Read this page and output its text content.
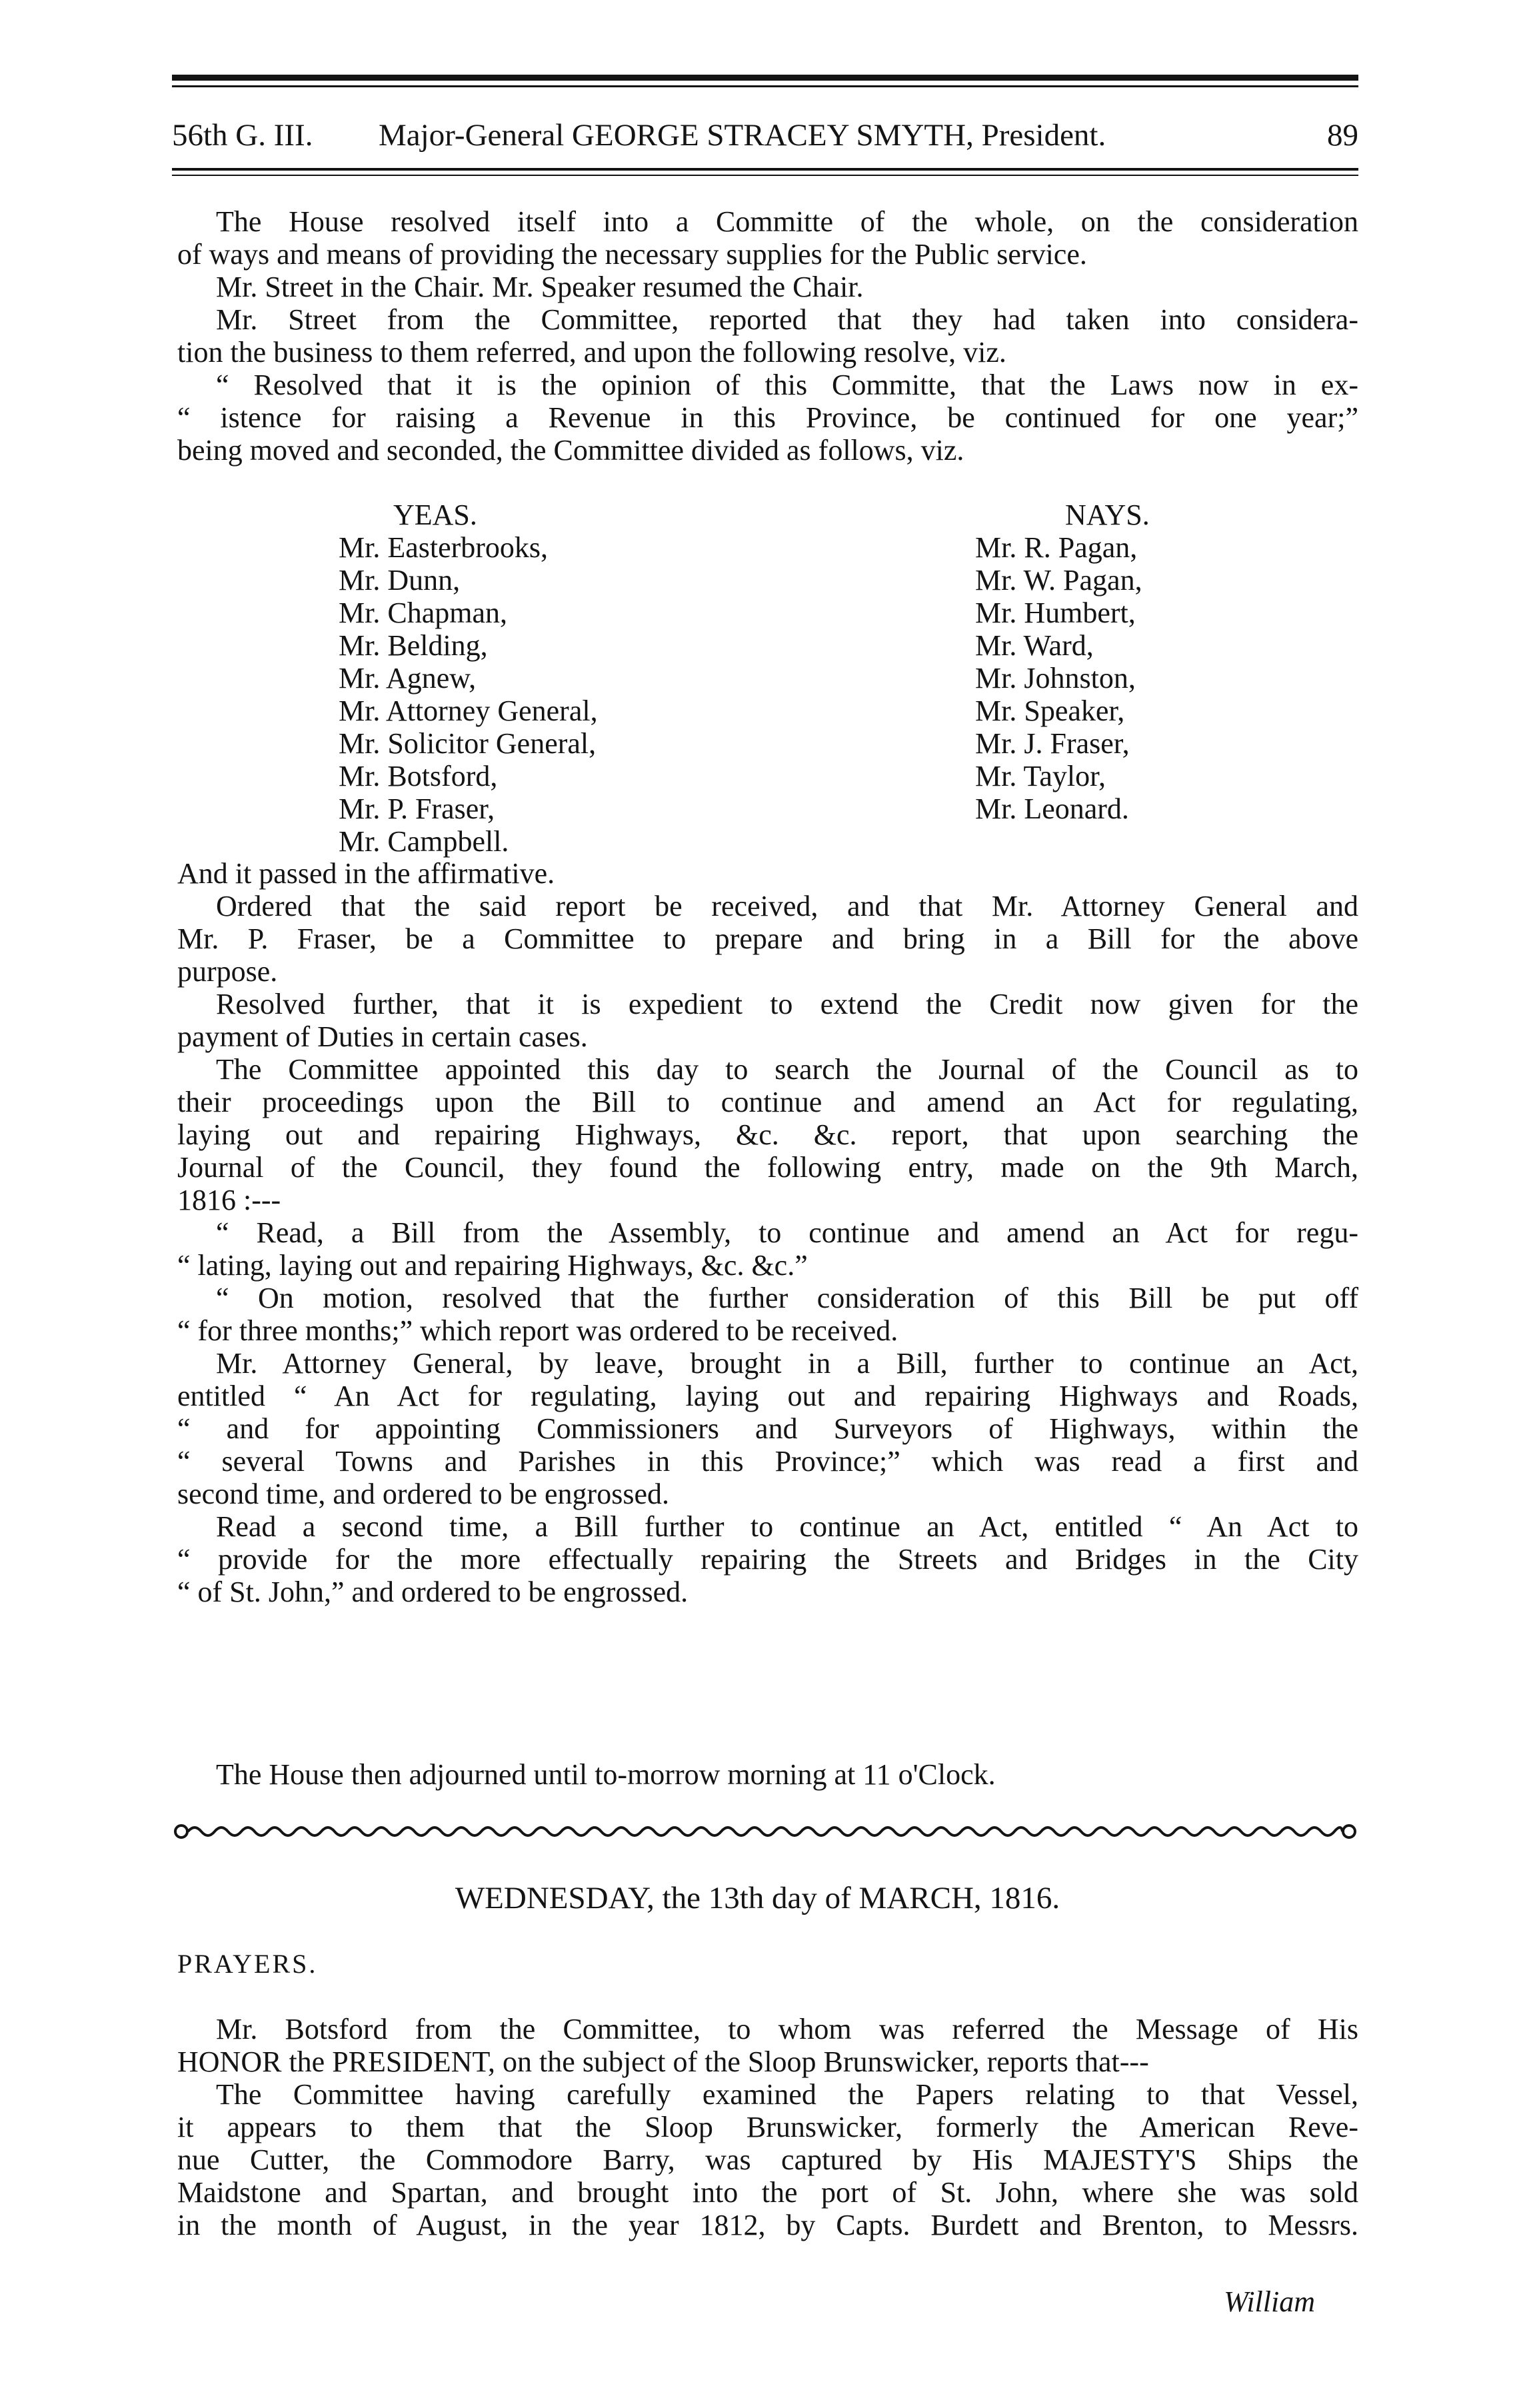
56th G. III. Major-General GEORGE STRACEY SMYTH, President.	89
The House resolved itself into a Committe of the whole, on the consideration
of ways and means of providing the necessary supplies for the Public service.
Mr. Street in the Chair. Mr. Speaker resumed the Chair.
Mr. Street from the Committee, reported that they had taken into considera-
tion the business to them referred, and upon the following resolve, viz.
“ Resolved that it is the opinion of this Committe, that the Laws now in ex-
“ istence for raising a Revenue in this Province, be continued for one year;”
being moved and seconded, the Committee divided as follows, viz.
YEAS.	NAYS.
Mr. Easterbrooks,
Mr. Dunn,
Mr. Chapman,
Mr. Belding,
Mr. Agnew,
Mr. Attorney General,
Mr. Solicitor General,
Mr. Botsford,
Mr. P. Fraser,
Mr. Campbell.
Mr. R. Pagan,
Mr. W. Pagan,
Mr. Humbert,
Mr. Ward,
Mr. Johnston,
Mr. Speaker,
Mr. J. Fraser,
Mr. Taylor,
Mr. Leonard.
And it passed in the affirmative.
Ordered that the said report be received, and that Mr. Attorney General and
Mr. P. Fraser, be a Committee to prepare and bring in a Bill for the above
purpose.
Resolved further, that it is expedient to extend the Credit now given for the
payment of Duties in certain cases.
The Committee appointed this day to search the Journal of the Council as to
their proceedings upon the Bill to continue and amend an Act for regulating,
laying out and repairing Highways, &c. &c. report, that upon searching the
Journal of the Council, they found the following entry, made on the 9th March,
1816 :---
“ Read, a Bill from the Assembly, to continue and amend an Act for regu-
“ lating, laying out and repairing Highways, &c. &c.”
“ On motion, resolved that the further consideration of this Bill be put off
“ for three months;” which report was ordered to be received.
Mr. Attorney General, by leave, brought in a Bill, further to continue an Act,
entitled “ An Act for regulating, laying out and repairing Highways and Roads,
“ and for appointing Commissioners and Surveyors of Highways, within the
“ several Towns and Parishes in this Province;” which was read a first and
second time, and ordered to be engrossed.
Read a second time, a Bill further to continue an Act, entitled “ An Act to
“ provide for the more effectually repairing the Streets and Bridges in the City
“ of St. John,” and ordered to be engrossed.
The House then adjourned until to-morrow morning at 11 o'Clock.
WEDNESDAY, the 13th day of MARCH, 1816.
PRAYERS.
Mr. Botsford from the Committee, to whom was referred the Message of His
HONOR the PRESIDENT, on the subject of the Sloop Brunswicker, reports that---
The Committee having carefully examined the Papers relating to that Vessel,
it appears to them that the Sloop Brunswicker, formerly the American Reve-
nue Cutter, the Commodore Barry, was captured by His MAJESTY'S Ships the
Maidstone and Spartan, and brought into the port of St. John, where she was sold
in the month of August, in the year 1812, by Capts. Burdett and Brenton, to Messrs.
William
